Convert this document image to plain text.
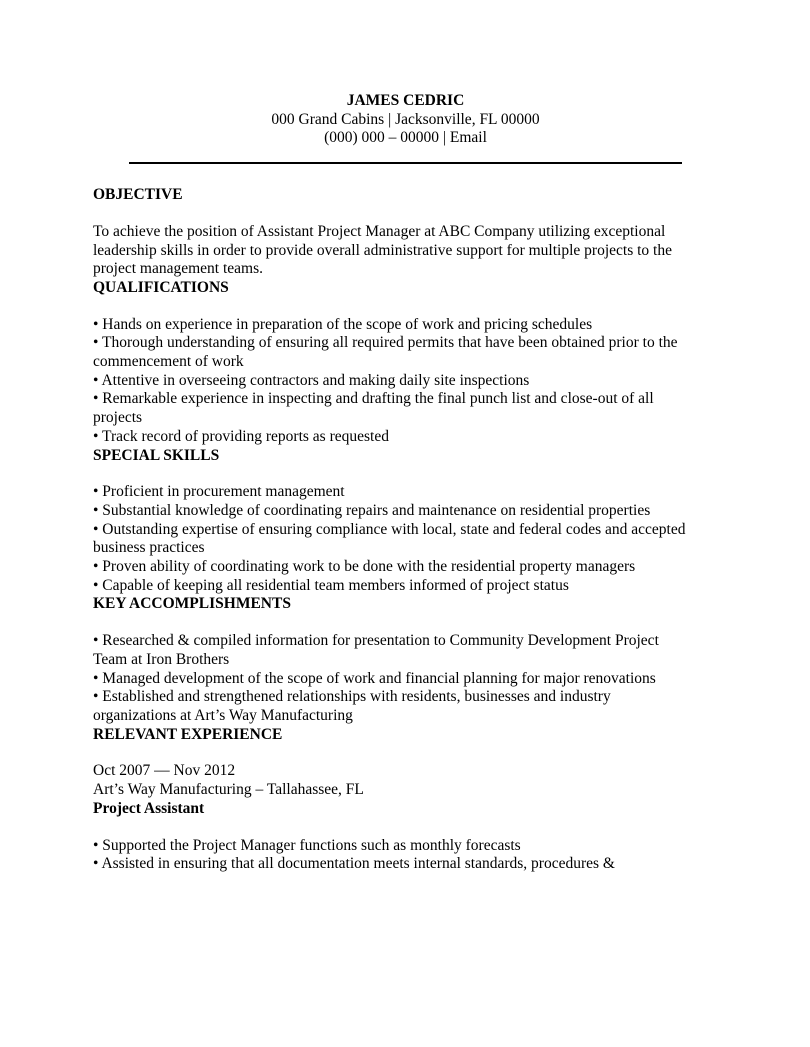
JAMES CEDRIC
000 Grand Cabins | Jacksonville, FL 00000
(000) 000 – 00000 | Email
OBJECTIVE
To achieve the position of Assistant Project Manager at ABC Company utilizing exceptional
leadership skills in order to provide overall administrative support for multiple projects to the
project management teams.
QUALIFICATIONS
• Hands on experience in preparation of the scope of work and pricing schedules
• Thorough understanding of ensuring all required permits that have been obtained prior to the
commencement of work
• Attentive in overseeing contractors and making daily site inspections
• Remarkable experience in inspecting and drafting the final punch list and close-out of all
projects
• Track record of providing reports as requested
SPECIAL SKILLS
• Proficient in procurement management
• Substantial knowledge of coordinating repairs and maintenance on residential properties
• Outstanding expertise of ensuring compliance with local, state and federal codes and accepted
business practices
• Proven ability of coordinating work to be done with the residential property managers
• Capable of keeping all residential team members informed of project status
KEY ACCOMPLISHMENTS
• Researched & compiled information for presentation to Community Development Project
Team at Iron Brothers
• Managed development of the scope of work and financial planning for major renovations
• Established and strengthened relationships with residents, businesses and industry
organizations at Art’s Way Manufacturing
RELEVANT EXPERIENCE
Oct 2007 — Nov 2012
Art’s Way Manufacturing – Tallahassee, FL
Project Assistant
• Supported the Project Manager functions such as monthly forecasts
• Assisted in ensuring that all documentation meets internal standards, procedures &
